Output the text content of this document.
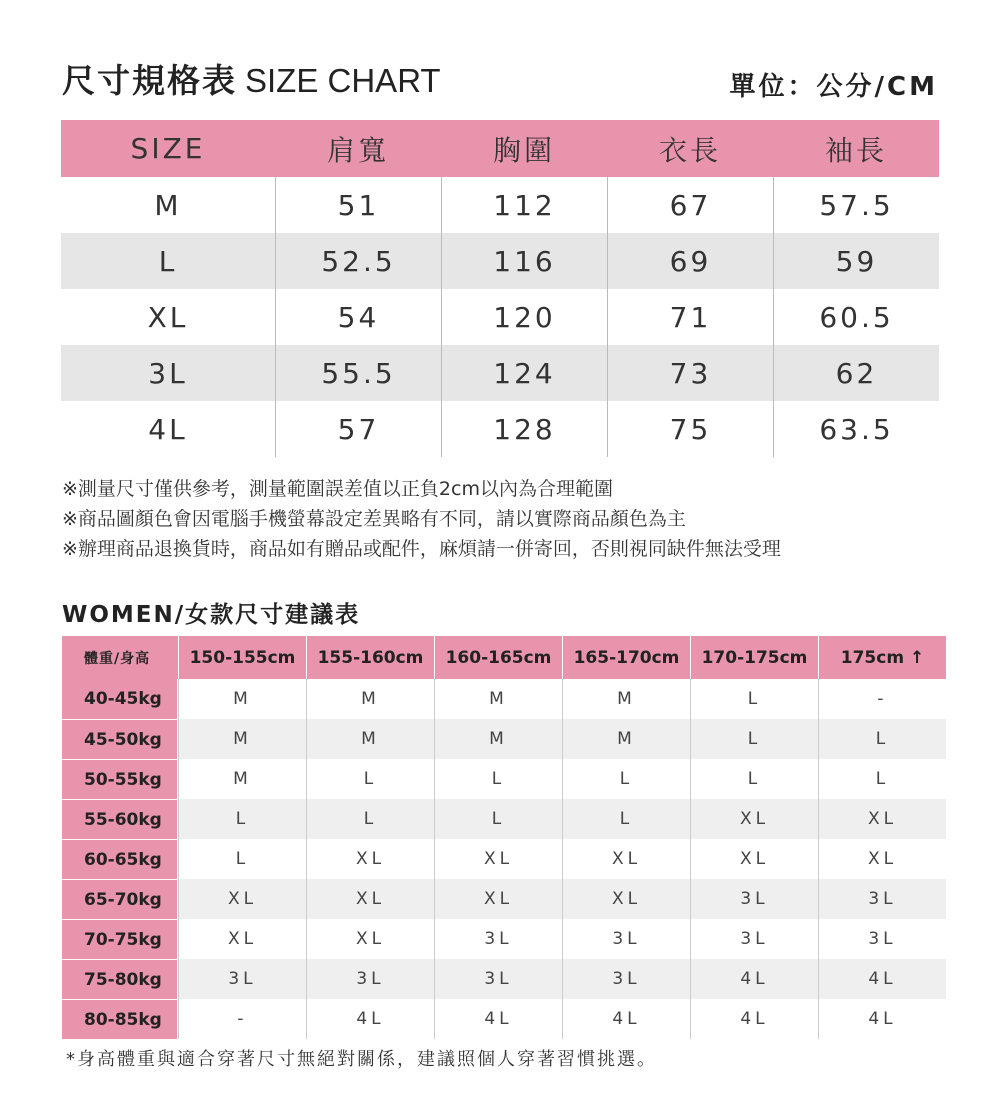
尺寸規格表 SIZE CHART	單位：公分/CM
SIZE	肩寬	胸圍	衣長	袖長
M	51	112	67	57.5
L	52.5	116	69	59
XL	54	120	71	60.5
3L	55.5	124	73	62
4L	57	128	75	63.5
※測量尺寸僅供參考，測量範圍誤差值以正負2cm以內為合理範圍
※商品圖顏色會因電腦手機螢幕設定差異略有不同，請以實際商品顏色為主
※辦理商品退換貨時，商品如有贈品或配件，麻煩請一併寄回，否則視同缺件無法受理
WOMEN/女款尺寸建議表
體重/身高	150-155cm	155-160cm	160-165cm	165-170cm	170-175cm	175cm ↑
40-45kg	M	M	M	M	L	-
45-50kg	M	M	M	M	L	L
50-55kg	M	L	L	L	L	L
55-60kg	L	L	L	L	XL	XL
60-65kg	L	XL	XL	XL	XL	XL
65-70kg	XL	XL	XL	XL	3L	3L
70-75kg	XL	XL	3L	3L	3L	3L
75-80kg	3L	3L	3L	3L	4L	4L
80-85kg	-	4L	4L	4L	4L	4L
*身高體重與適合穿著尺寸無絕對關係，建議照個人穿著習慣挑選。
